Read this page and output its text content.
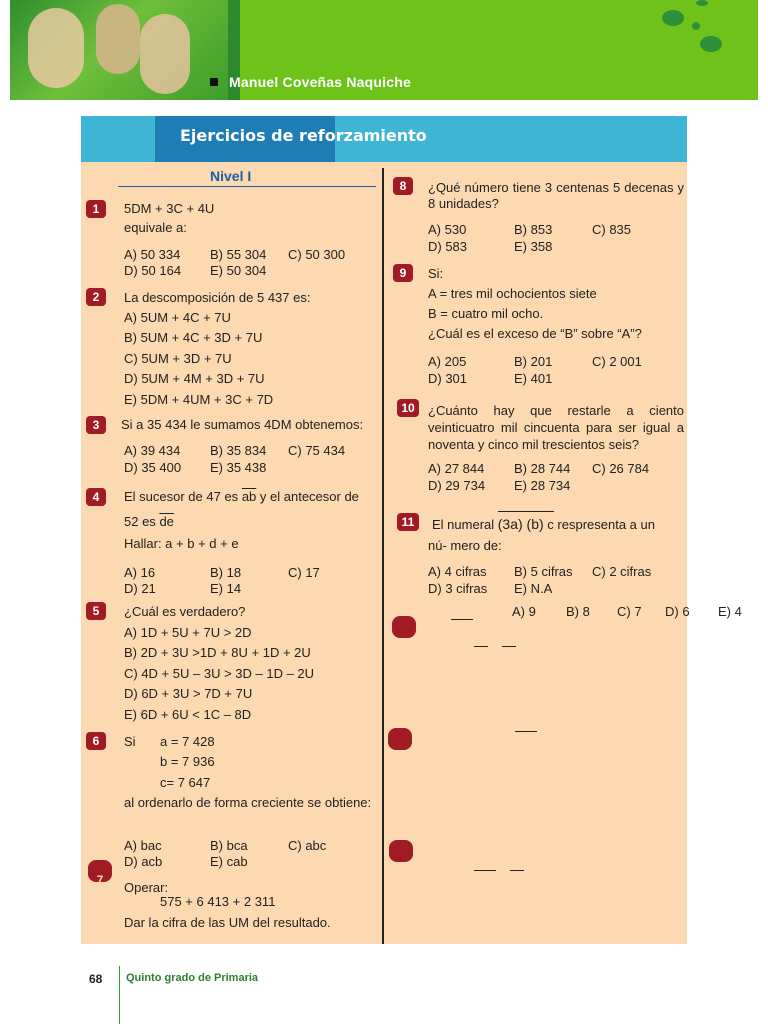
Manuel Coveñas Naquiche
Ejercicios de reforzamiento
Nivel I
1	5DM + 3C + 4U
equivale a:
A) 50 334 B) 55 304 C) 50 300
D) 50 164 E) 50 304
2	La descomposición de 5 437 es:
A) 5UM + 4C + 7U
B) 5UM + 4C + 3D + 7U
C) 5UM + 3D + 7U
D) 5UM + 4M + 3D + 7U
E) 5DM + 4UM + 3C + 7D
3	Si a 35 434 le sumamos 4DM obtenemos:
A) 39 434 B) 35 834 C) 75 434
D) 35 400 E) 35 438
4	El sucesor de 47 es $\overline{ab}$ y el antecesor de
52 es $\overline{de}$
Hallar: a + b + d + e
A) 16	B) 18	C) 17
D) 21	E) 14
5	¿Cuál es verdadero?
A) 1D + 5U + 7U > 2D
B) 2D + 3U >1D + 8U + 1D + 2U
C) 4D + 5U – 3U > 3D – 1D – 2U
D) 6D + 3U > 7D + 7U
E) 6D + 6U < 1C – 8D
6	Si a = 7 428
b = 7 936
c= 7 647
al ordenarlo de forma creciente se obtiene:
A) bac	B) bca	C) abc
D) acb	E) cab
7	Operar:
575 + 6 413 + 2 311
Dar la cifra de las UM del resultado.
8	¿Qué número tiene 3 centenas 5 decenas y 8 unidades?
A) 530	B) 853	C) 835
D) 583	E) 358
9	Si:
A = tres mil ochocientos siete
B = cuatro mil ocho.
¿Cuál es el exceso de “B” sobre “A”?
A) 205	B) 201	C) 2 001
D) 301	E) 401
10	¿Cuánto hay que restarle a ciento veinticuatro mil cincuenta para ser igual a noventa y cinco mil trescientos seis?
A) 27 844 B) 28 744 C) 26 784
D) 29 734 E) 28 734
11	El numeral (3a) (b) c respresenta a un
nú- mero de:
A) 4 cifras B) 5 cifras C) 2 cifras
D) 3 cifras E) N.A
A) 9 B) 8 C) 7 D) 6 E) 4
68 Quinto grado de Primaria
